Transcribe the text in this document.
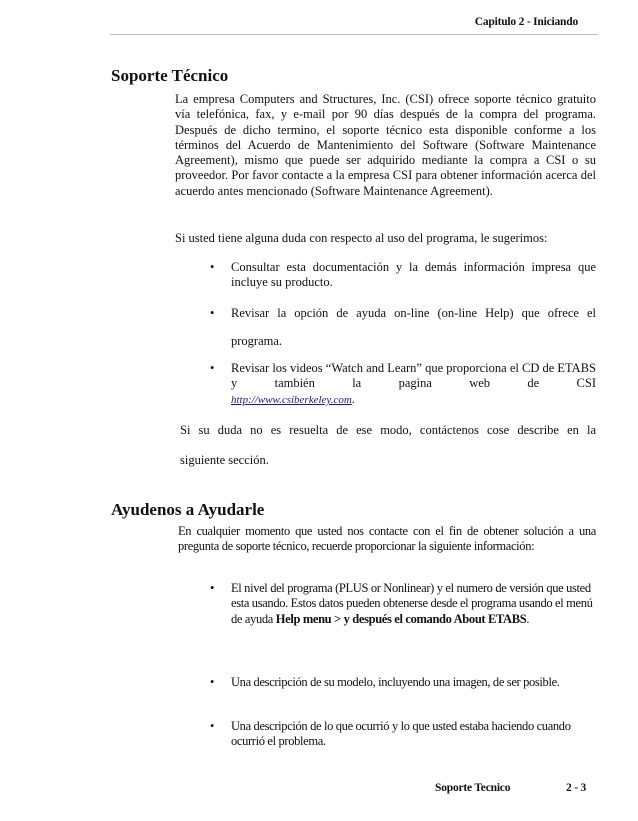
Capitulo 2 - Iniciando
Soporte Técnico

La empresa Computers and Structures, Inc. (CSI) ofrece soporte técnico gratuito vía telefónica, fax, y e-mail por 90 días después de la compra del programa. Después de dicho termino, el soporte técnico esta disponible conforme a los términos del Acuerdo de Mantenimiento del Software (Software Maintenance Agreement), mismo que puede ser adquirido mediante la compra a CSI o su proveedor. Por favor contacte a la empresa CSI para obtener información acerca del acuerdo antes mencionado (Software Maintenance Agreement).

Si usted tiene alguna duda con respecto al uso del programa, le sugerimos:

• Consultar esta documentación y la demás información impresa que incluye su producto.

• Revisar la opción de ayuda on-line (on-line Help) que ofrece el

programa.

• Revisar los videos “Watch and Learn” que proporciona el CD de ETABS y también la pagina web de CSI

http://www.csiberkeley.com.

Si su duda no es resuelta de ese modo, contáctenos cose describe en la

siguiente sección.

Ayudenos a Ayudarle

En cualquier momento que usted nos contacte con el fin de obtener solución a una pregunta de soporte técnico, recuerde proporcionar la siguiente información:

• El nivel del programa (PLUS or Nonlinear) y el numero de versión que usted esta usando. Estos datos pueden obtenerse desde el programa usando el menú de ayuda Help menu > y después el comando About ETABS.

• Una descripción de su modelo, incluyendo una imagen, de ser posible.

• Una descripción de lo que ocurrió y lo que usted estaba haciendo cuando ocurrió el problema.

Soporte Tecnico	2 - 3
